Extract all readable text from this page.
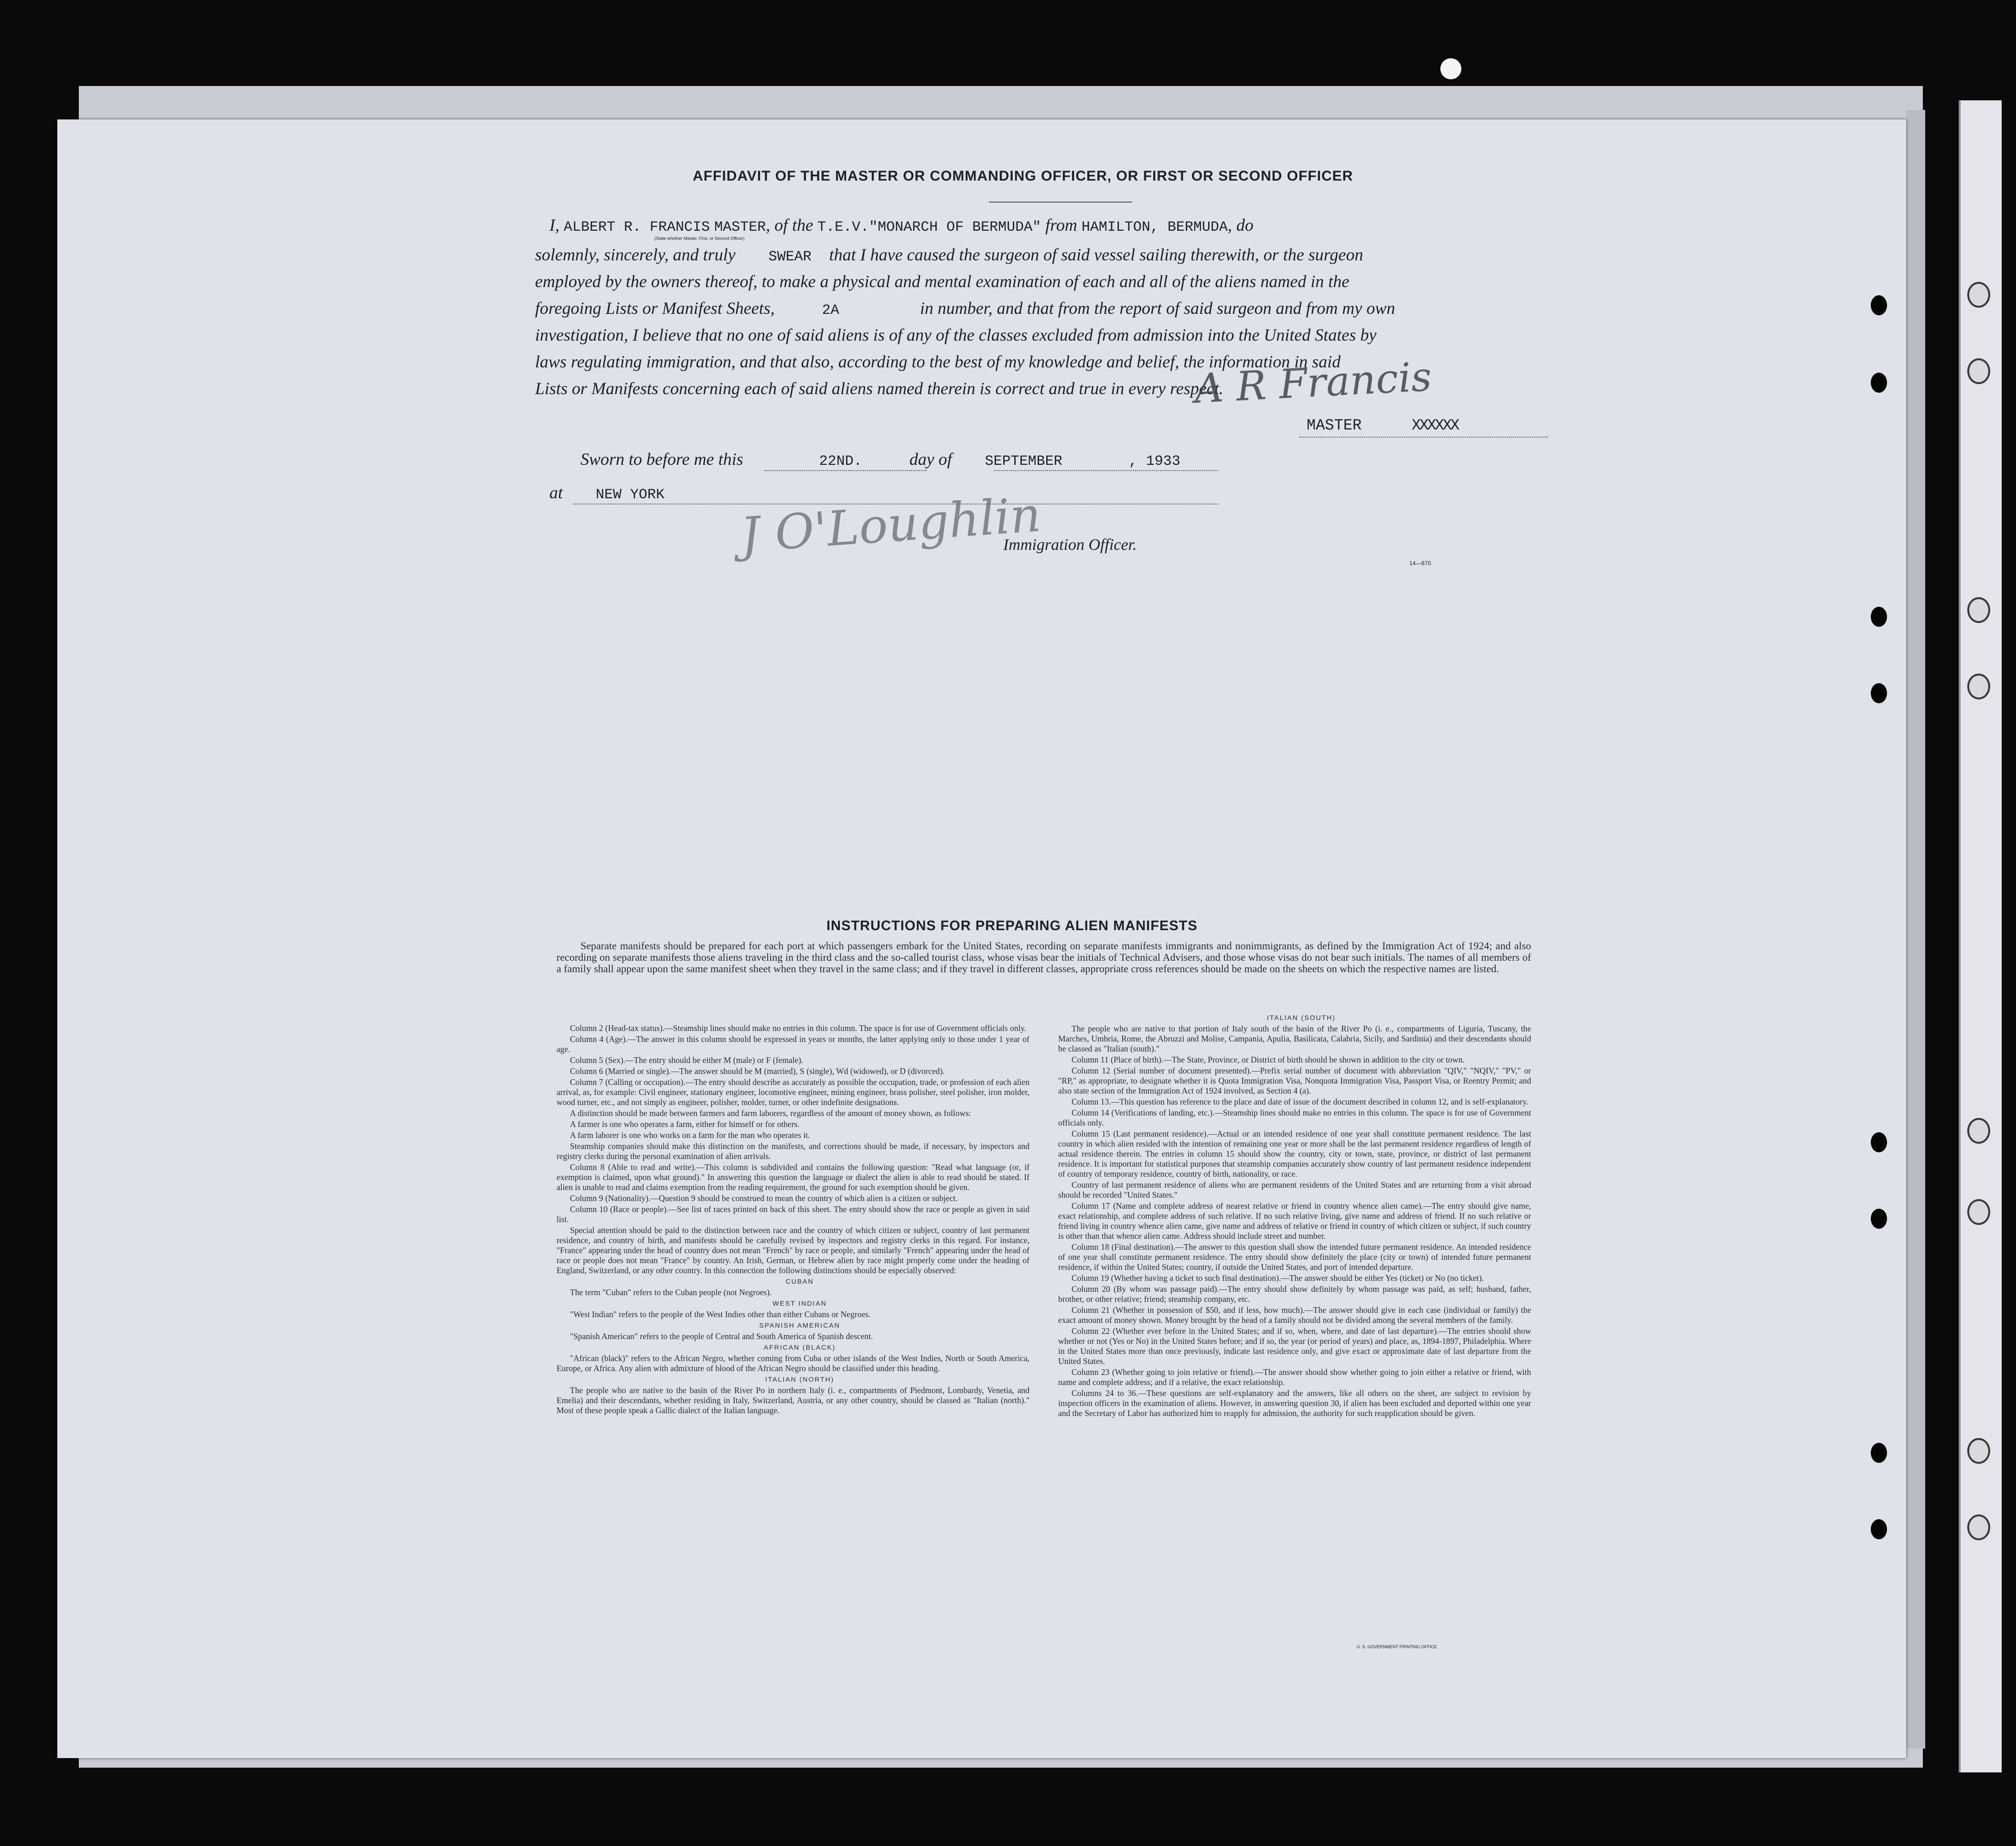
AFFIDAVIT OF THE MASTER OR COMMANDING OFFICER, OR FIRST OR SECOND OFFICER
I, ALBERT R. FRANCIS MASTER, of the T.E.V."MONARCH OF BERMUDA" from HAMILTON, BERMUDA, do
(State whether Master, First, or Second Officer)
solemnly, sincerely, and truly SWEAR that I have caused the surgeon of said vessel sailing therewith, or the surgeon
employed by the owners thereof, to make a physical and mental examination of each and all of the aliens named in the
foregoing Lists or Manifest Sheets,	2A	in number, and that from the report of said surgeon and from my own
investigation, I believe that no one of said aliens is of any of the classes excluded from admission into the United States by
laws regulating immigration, and that also, according to the best of my knowledge and belief, the information in said
Lists or Manifests concerning each of said aliens named therein is correct and true in every respect.
A R Francis
MASTER	XXXXXX
Sworn to before me this	22ND.	day of SEPTEMBER	, 1933
at NEW YORK J O'Loughlin
Immigration Officer.
14—670
INSTRUCTIONS FOR PREPARING ALIEN MANIFESTS

Separate manifests should be prepared for each port at which passengers embark for the United States, recording on separate manifests immigrants and nonimmigrants, as defined by the Immigration Act of 1924; and also recording on separate manifests those aliens traveling in the third class and the so-called tourist class, whose visas bear the initials of Technical Advisers, and those whose visas do not bear such initials. The names of all members of a family shall appear upon the same manifest sheet when they travel in the same class; and if they travel in different classes, appropriate cross references should be made on the sheets on which the respective names are listed.

Column 2 (Head-tax status).—Steamship lines should make no entries in this column. The space is for use of Government officials only.

Column 4 (Age).—The answer in this column should be expressed in years or months, the latter applying only to those under 1 year of age.

Column 5 (Sex).—The entry should be either M (male) or F (female).

Column 6 (Married or single).—The answer should be M (married), S (single), Wd (widowed), or D (divorced).

Column 7 (Calling or occupation).—The entry should describe as accurately as possible the occupation, trade, or profession of each alien arrival, as, for example: Civil engineer, stationary engineer, locomotive engineer, mining engineer, brass polisher, steel polisher, iron molder, wood turner, etc., and not simply as engineer, polisher, molder, turner, or other indefinite designations.

A distinction should be made between farmers and farm laborers, regardless of the amount of money shown, as follows:

A farmer is one who operates a farm, either for himself or for others.

A farm laborer is one who works on a farm for the man who operates it.

Steamship companies should make this distinction on the manifests, and corrections should be made, if necessary, by inspectors and registry clerks during the personal examination of alien arrivals.

Column 8 (Able to read and write).—This column is subdivided and contains the following question: "Read what language (or, if exemption is claimed, upon what ground)." In answering this question the language or dialect the alien is able to read should be stated. If alien is unable to read and claims exemption from the reading requirement, the ground for such exemption should be given.

Column 9 (Nationality).—Question 9 should be construed to mean the country of which alien is a citizen or subject.

Column 10 (Race or people).—See list of races printed on back of this sheet. The entry should show the race or people as given in said list.

Special attention should be paid to the distinction between race and the country of which citizen or subject, country of last permanent residence, and country of birth, and manifests should be carefully revised by inspectors and registry clerks in this regard. For instance, "France" appearing under the head of country does not mean "French" by race or people, and similarly "French" appearing under the head of race or people does not mean "France" by country. An Irish, German, or Hebrew alien by race might properly come under the heading of England, Switzerland, or any other country. In this connection the following distinctions should be especially observed:

CUBAN

The term "Cuban" refers to the Cuban people (not Negroes).

WEST INDIAN

"West Indian" refers to the people of the West Indies other than either Cubans or Negroes.

SPANISH AMERICAN

"Spanish American" refers to the people of Central and South America of Spanish descent.

AFRICAN (BLACK)

"African (black)" refers to the African Negro, whether coming from Cuba or other islands of the West Indies, North or South America, Europe, or Africa. Any alien with admixture of blood of the African Negro should be classified under this heading.

ITALIAN (NORTH)

The people who are native to the basin of the River Po in northern Italy (i. e., compartments of Piedmont, Lombardy, Venetia, and Emelia) and their descendants, whether residing in Italy, Switzerland, Austria, or any other country, should be classed as "Italian (north)." Most of these people speak a Gallic dialect of the Italian language.

ITALIAN (SOUTH)

The people who are native to that portion of Italy south of the basin of the River Po (i. e., compartments of Liguria, Tuscany, the Marches, Umbria, Rome, the Abruzzi and Molise, Campania, Apulia, Basilicata, Calabria, Sicily, and Sardinia) and their descendants should be classed as "Italian (south)."

Column 11 (Place of birth).—The State, Province, or District of birth should be shown in addition to the city or town.

Column 12 (Serial number of document presented).—Prefix serial number of document with abbreviation "QIV," "NQIV," "PV," or "RP," as appropriate, to designate whether it is Quota Immigration Visa, Nonquota Immigration Visa, Passport Visa, or Reentry Permit; and also state section of the Immigration Act of 1924 involved, as Section 4 (a).

Column 13.—This question has reference to the place and date of issue of the document described in column 12, and is self-explanatory.

Column 14 (Verifications of landing, etc.).—Steamship lines should make no entries in this column. The space is for use of Government officials only.

Column 15 (Last permanent residence).—Actual or an intended residence of one year shall constitute permanent residence. The last country in which alien resided with the intention of remaining one year or more shall be the last permanent residence regardless of length of actual residence therein. The entries in column 15 should show the country, city or town, state, province, or district of last permanent residence. It is important for statistical purposes that steamship companies accurately show country of last permanent residence independent of country of temporary residence, country of birth, nationality, or race.

Country of last permanent residence of aliens who are permanent residents of the United States and are returning from a visit abroad should be recorded "United States."

Column 17 (Name and complete address of nearest relative or friend in country whence alien came).—The entry should give name, exact relationship, and complete address of such relative. If no such relative living, give name and address of friend. If no such relative or friend living in country whence alien came, give name and address of relative or friend in country of which citizen or subject, if such country is other than that whence alien came. Address should include street and number.

Column 18 (Final destination).—The answer to this question shall show the intended future permanent residence. An intended residence of one year shall constitute permanent residence. The entry should show definitely the place (city or town) of intended future permanent residence, if within the United States; country, if outside the United States, and port of intended departure.

Column 19 (Whether having a ticket to such final destination).—The answer should be either Yes (ticket) or No (no ticket).

Column 20 (By whom was passage paid).—The entry should show definitely by whom passage was paid, as self; husband, father, brother, or other relative; friend; steamship company, etc.

Column 21 (Whether in possession of $50, and if less, how much).—The answer should give in each case (individual or family) the exact amount of money shown. Money brought by the head of a family should not be divided among the several members of the family.

Column 22 (Whether ever before in the United States; and if so, when, where, and date of last departure).—The entries should show whether or not (Yes or No) in the United States before; and if so, the year (or period of years) and place, as, 1894-1897, Philadelphia. Where in the United States more than once previously, indicate last residence only, and give exact or approximate date of last departure from the United States.

Column 23 (Whether going to join relative or friend).—The answer should show whether going to join either a relative or friend, with name and complete address; and if a relative, the exact relationship.

Columns 24 to 36.—These questions are self-explanatory and the answers, like all others on the sheet, are subject to revision by inspection officers in the examination of aliens. However, in answering question 30, if alien has been excluded and deported within one year and the Secretary of Labor has authorized him to reapply for admission, the authority for such reapplication should be given.

U. S. GOVERNMENT PRINTING OFFICE
